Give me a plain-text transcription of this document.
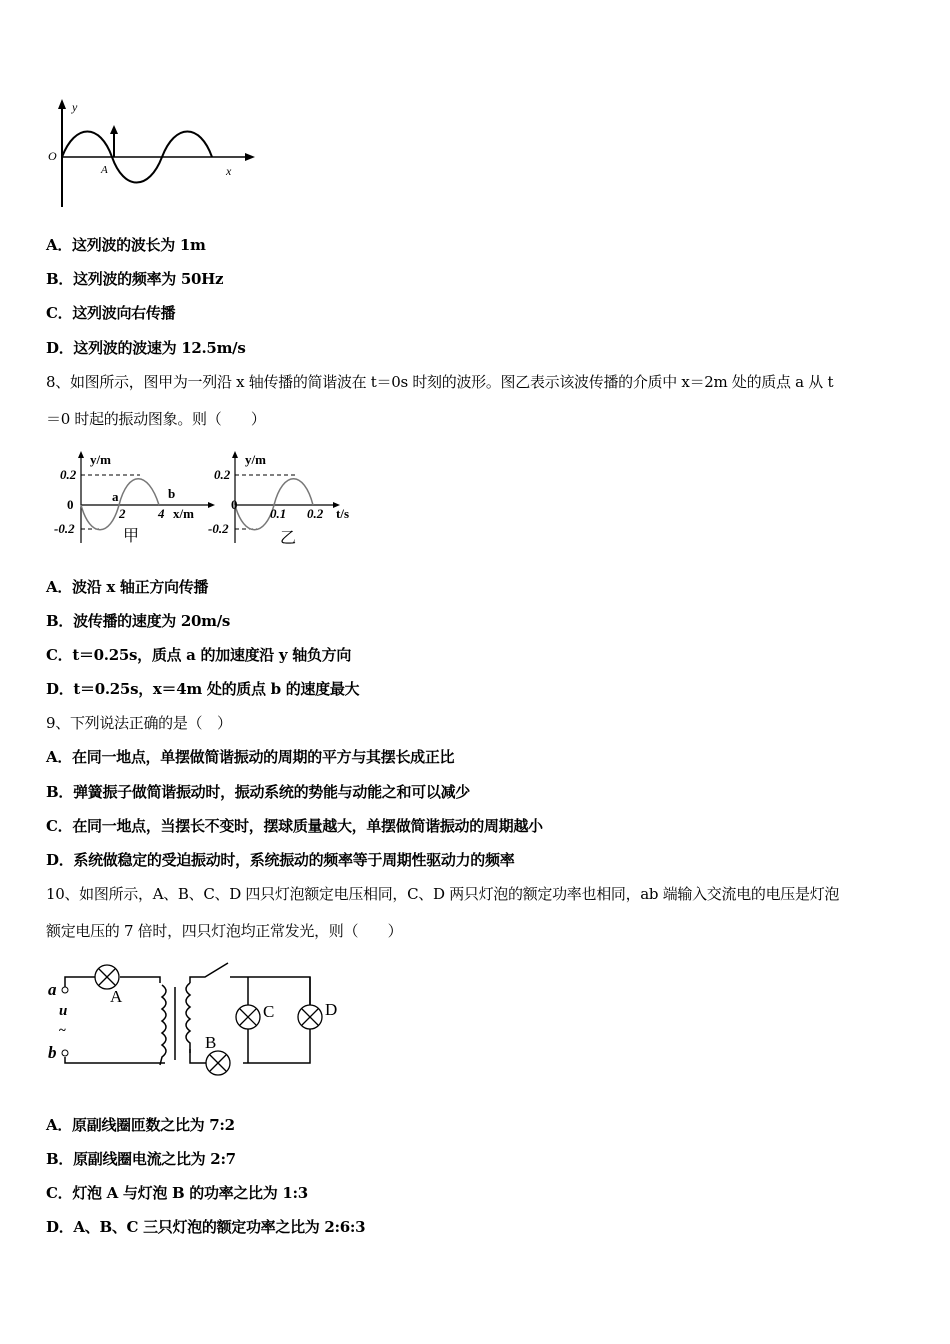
y
x
O
A
A．这列波的波长为 1m
B．这列波的频率为 50Hz
C．这列波向右传播
D．这列波的波速为 12.5m/s
8、如图所示，图甲为一列沿 x 轴传播的简谐波在 t＝0s 时刻的波形。图乙表示该波传播的介质中 x＝2m 处的质点 a 从 t
＝0 时起的振动图象。则（　　）
y/m
0.2
0
-0.2
2	4 x/m
a	b
甲
y/m
0.2
0
-0.2
0.1 0.2 t/s
乙
A．波沿 x 轴正方向传播
B．波传播的速度为 20m/s
C．t＝0.25s，质点 a 的加速度沿 y 轴负方向
D．t＝0.25s，x＝4m 处的质点 b 的速度最大
9、下列说法正确的是（　）
A．在同一地点，单摆做简谐振动的周期的平方与其摆长成正比
B．弹簧振子做简谐振动时，振动系统的势能与动能之和可以减少
C．在同一地点，当摆长不变时，摆球质量越大，单摆做简谐振动的周期越小
D．系统做稳定的受迫振动时，系统振动的频率等于周期性驱动力的频率
10、如图所示，A、B、C、D 四只灯泡额定电压相同，C、D 两只灯泡的额定功率也相同，ab 端输入交流电的电压是灯泡
额定电压的 7 倍时，四只灯泡均正常发光，则（　　）
a
u
~
b
A
B
C	D
A．原副线圈匝数之比为 7:2
B．原副线圈电流之比为 2:7
C．灯泡 A 与灯泡 B 的功率之比为 1:3
D．A、B、C 三只灯泡的额定功率之比为 2:6:3
